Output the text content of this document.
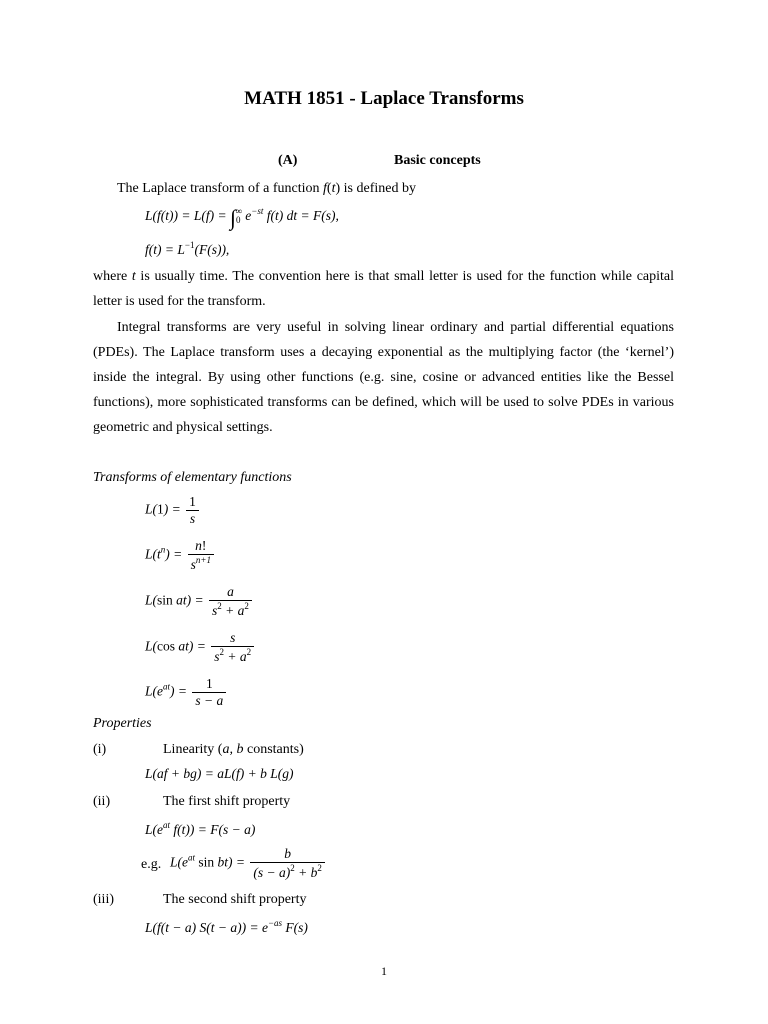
MATH 1851 - Laplace Transforms
(A)	Basic concepts
The Laplace transform of a function f(t) is defined by
$L(f(t)) = L(f) = \int_0^\infty$ $e^{-st}$ f(t) dt = F(s),
$f(t) = L^{-1}(F(s))$,
where t is usually time. The convention here is that small letter is used for the function while capital letter is used for the transform.
Integral transforms are very useful in solving linear ordinary and partial differential equations (PDEs). The Laplace transform uses a decaying exponential as the multiplying factor (the ‘kernel’) inside the integral. By using other functions (e.g. sine, cosine or advanced entities like the Bessel functions), more sophisticated transforms can be defined, which will be used to solve PDEs in various geometric and physical settings.
Transforms of elementary functions
$L(1) = \frac{1}{s}$
$L(t^n) = \frac{n!}{s^{n+1}}$
L(sin $at) = \frac{a}{s^2 + a^2}$
L(cos $at) = \frac{s}{s^2 + a^2}$
$L(e^{at}) = \frac{1}{s - a}$
Properties
(i)	Linearity (a, b constants)
L(af + bg) = aL(f) + b L(g)
(ii)	The first shift property
$L(e^{at}$ f(t)) = F(s − a)
e.g. $L(e^{at}$ $\sin bt) = \frac{b}{(s - a)^2 + b^2}$
(iii)	The second shift property
L(f(t − a) $S(t - a)) = e^{-as}$ F(s)
1
